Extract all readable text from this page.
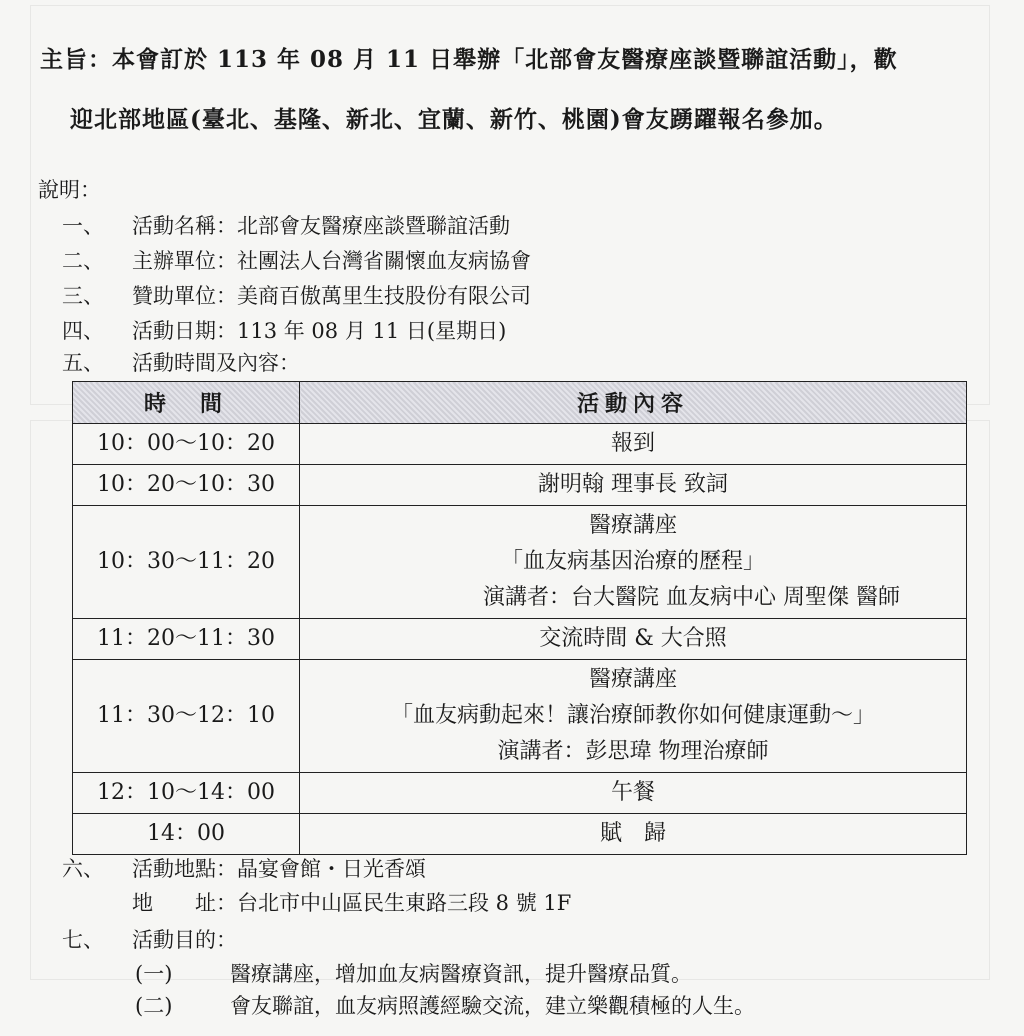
主旨：本會訂於 113 年 08 月 11 日舉辦「北部會友醫療座談暨聯誼活動」，歡
迎北部地區(臺北、基隆、新北、宜蘭、新竹、桃園)會友踴躍報名參加。
說明：
一、 活動名稱：北部會友醫療座談暨聯誼活動
二、 主辦單位：社團法人台灣省關懷血友病協會
三、 贊助單位：美商百傲萬里生技股份有限公司
四、 活動日期：113 年 08 月 11 日(星期日)
五、 活動時間及內容：
時　間	活動內容
10：00～10：20	報到

10：20～10：30	謝明翰 理事長 致詞

10：30～11：20	醫療講座
「血友病基因治療的歷程」
演講者：台大醫院 血友病中心 周聖傑 醫師

11：20～11：30	交流時間 & 大合照

11：30～12：10	醫療講座
「血友病動起來！讓治療師教你如何健康運動～」
演講者：彭思瑋 物理治療師

12：10～14：00	午餐

14：00	賦　歸
六、 活動地點：晶宴會館・日光香頌
地　　址：台北市中山區民生東路三段 8 號 1F
七、 活動目的：
(一)	醫療講座，增加血友病醫療資訊，提升醫療品質。
(二)	會友聯誼，血友病照護經驗交流，建立樂觀積極的人生。
